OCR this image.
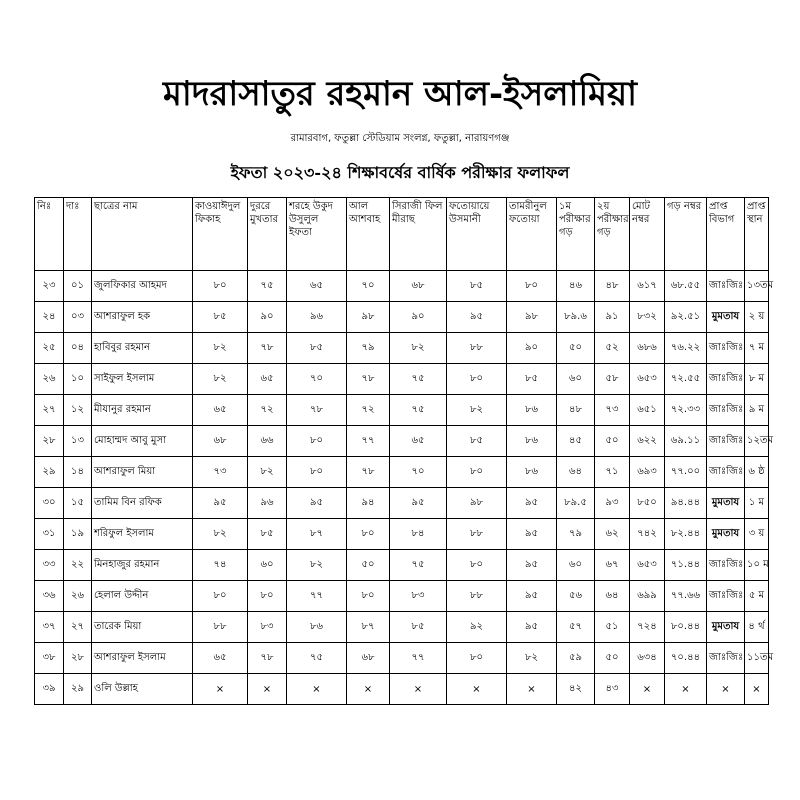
মাদরাসাতুর রহমান আল-ইসলামিয়া
রামারবাগ, ফতুল্লা স্টেডিয়াম সংলগ্ন, ফতুল্লা, নারায়ণগঞ্জ
ইফতা ২০২৩-২৪ শিক্ষাবর্ষের বার্ষিক পরীক্ষার ফলাফল
নিঃ	দাঃ	ছাত্রের নাম	কাওয়াঈদুল ফিকাহ	দুররে মুখতার	শরহে উকুদ উসুলুল ইফতা	আল আশবাহ	সিরাজী ফিল মীরাছ	ফতোয়ায়ে উসমানী	তামরীনুল ফতোয়া	১ম পরীক্ষার গড়	২য় পরীক্ষার গড়	মোট নম্বর	গড় নম্বর	প্রাপ্ত বিভাগ	প্রাপ্ত স্থান
২৩	০১	জুলফিকার আহমদ	৮০	৭৫	৬৫	৭০	৬৮	৮৫	৮০	৪৬	৪৮	৬১৭	৬৮.৫৫	জাঃজিঃ	১৩তম
২৪	০৩	আশরাফুল হক	৮৫	৯০	৯৬	৯৮	৯০	৯৫	৯৮	৮৯.৬	৯১	৮৩২	৯২.৫১	মুমতায	২ য়
২৫	০৪	হাবিবুর রহমান	৮২	৭৮	৮৫	৭৯	৮২	৮৮	৯০	৫০	৫২	৬৮৬	৭৬.২২	জাঃজিঃ	৭ ম
২৬	১০	সাইফুল ইসলাম	৮২	৬৫	৭০	৭৮	৭৫	৮০	৮৫	৬০	৫৮	৬৫৩	৭২.৫৫	জাঃজিঃ	৮ ম
২৭	১২	মীযানুর রহমান	৬৫	৭২	৭৮	৭২	৭৫	৮২	৮৬	৪৮	৭৩	৬৫১	৭২.৩৩	জাঃজিঃ	৯ ম
২৮	১৩	মোহাম্মদ আবু মুসা	৬৮	৬৬	৮০	৭৭	৬৫	৮৫	৮৬	৪৫	৫০	৬২২	৬৯.১১	জাঃজিঃ	১২তম
২৯	১৪	আশরাফুল মিয়া	৭৩	৮২	৮০	৭৮	৭০	৮০	৮৬	৬৪	৭১	৬৯৩	৭৭.০০	জাঃজিঃ	৬ ষ্ঠ
৩০	১৫	তামিম বিন রফিক	৯৫	৯৬	৯৫	৯৪	৯৫	৯৮	৯৫	৮৯.৫	৯৩	৮৫০	৯৪.৪৪	মুমতায	১ ম
৩১	১৯	শরিফুল ইসলাম	৮২	৮৫	৮৭	৮০	৮৪	৮৮	৯৫	৭৯	৬২	৭৪২	৮২.৪৪	মুমতায	৩ য়
৩৩	২২	মিনহাজুর রহমান	৭৪	৬০	৮২	৫০	৭৫	৮০	৯৫	৬০	৬৭	৬৫৩	৭১.৪৪	জাঃজিঃ	১০ ম
৩৬	২৬	হেলাল উদ্দীন	৮০	৮০	৭৭	৮০	৮৩	৮৮	৯৫	৫৬	৬৪	৬৯৯	৭৭.৬৬	জাঃজিঃ	৫ ম
৩৭	২৭	তারেক মিয়া	৮৮	৮৩	৮৬	৮৭	৮৫	৯২	৯৫	৫৭	৫১	৭২৪	৮০.৪৪	মুমতায	৪ র্থ
৩৮	২৮	আশরাফুল ইসলাম	৬৫	৭৮	৭৫	৬৮	৭৭	৮০	৮২	৫৯	৫০	৬৩৪	৭০.৪৪	জাঃজিঃ	১১তম
৩৯	২৯	ওলি উল্লাহ	×	×	×	×	×	×	×	৪২	৪৩	×	×	×	×
